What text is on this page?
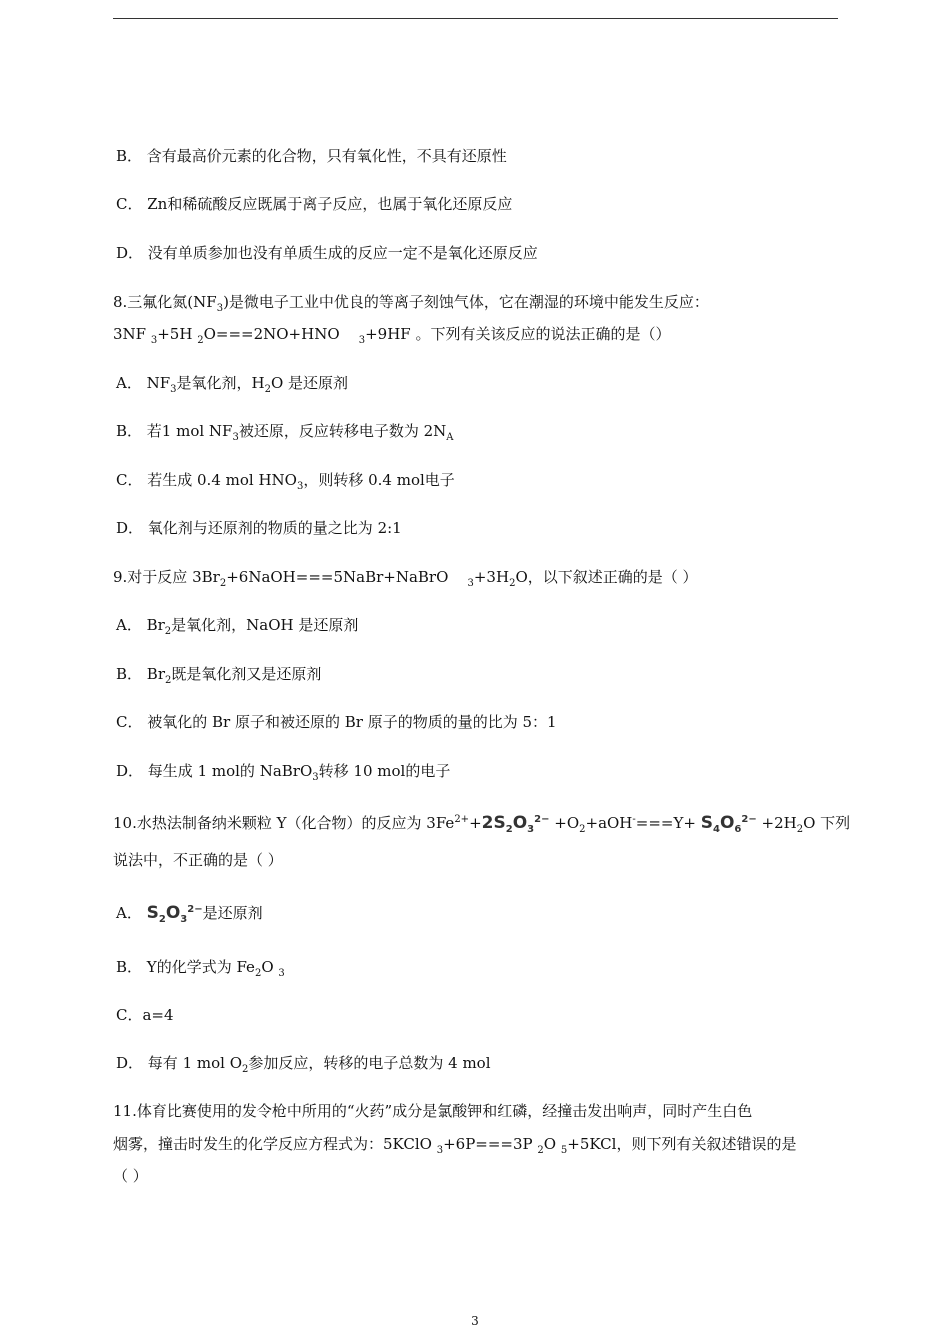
B． 含有最高价元素的化合物，只有氧化性，不具有还原性
C． Zn和稀硫酸反应既属于离子反应，也属于氧化还原反应
D． 没有单质参加也没有单质生成的反应一定不是氧化还原反应
8.三氟化氮$(NF_3)$是微电子工业中优良的等离子刻蚀气体，它在潮湿的环境中能发生反应：
3NF $_3$+5H $_2$O===2NO+HNO $_3$+9HF 。下列有关该反应的说法正确的是（）
A． $NF_3$是氧化剂，$H_2O$ 是还原剂
B． 若1 mol $NF_3$被还原，反应转移电子数为 $2N_A$
C． 若生成 0.4 mol $HNO_3$，则转移 0.4 mol电子
D． 氧化剂与还原剂的物质的量之比为 2:1
9.对于反应 $3Br_2+6NaOH===5NaBr+NaBrO$ $_3+3H_2O$，以下叙述正确的是（ ）
A． $Br_2$是氧化剂，NaOH 是还原剂
B． $Br_2$既是氧化剂又是还原剂
C． 被氧化的 Br 原子和被还原的 Br 原子的物质的量的比为 5：1
D． 每生成 1 mol的 NaBrO$_3$转移 10 mol的电子
10.水热法制备纳米颗粒 Y（化合物）的反应为 $3Fe^{2+}+2S_2O_3^{2-} +O_2+aOH^-===Y+ S_4O_6^{2-} +2H_2O$ 下列
说法中，不正确的是（ ）
A． $S_2O_3^{2-}$是还原剂
B． Y的化学式为 $Fe_2O$ $_3$
C．a=4
D． 每有 1 mol $O_2$参加反应，转移的电子总数为 4 mol
11.体育比赛使用的发令枪中所用的“火药”成分是氯酸钾和红磷，经撞击发出响声，同时产生白色
烟雾，撞击时发生的化学反应方程式为：5KClO $_3$+6P===3P $_2$O $_5$+5KCl，则下列有关叙述错误的是
（ ）
3
